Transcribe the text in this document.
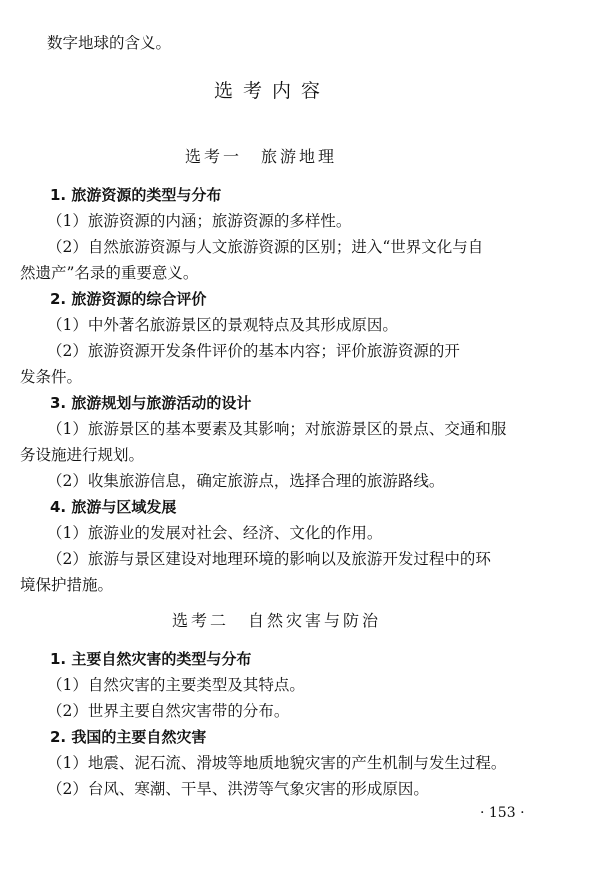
数字地球的含义。
选考内容
选考一　旅游地理
1. 旅游资源的类型与分布
（1）旅游资源的内涵；旅游资源的多样性。
（2）自然旅游资源与人文旅游资源的区别；进入“世界文化与自
然遗产”名录的重要意义。
2. 旅游资源的综合评价
（1）中外著名旅游景区的景观特点及其形成原因。
（2）旅游资源开发条件评价的基本内容；评价旅游资源的开
发条件。
3. 旅游规划与旅游活动的设计
（1）旅游景区的基本要素及其影响；对旅游景区的景点、交通和服
务设施进行规划。
（2）收集旅游信息，确定旅游点，选择合理的旅游路线。
4. 旅游与区域发展
（1）旅游业的发展对社会、经济、文化的作用。
（2）旅游与景区建设对地理环境的影响以及旅游开发过程中的环
境保护措施。
选考二　自然灾害与防治
1. 主要自然灾害的类型与分布
（1）自然灾害的主要类型及其特点。
（2）世界主要自然灾害带的分布。
2. 我国的主要自然灾害
（1）地震、泥石流、滑坡等地质地貌灾害的产生机制与发生过程。
（2）台风、寒潮、干旱、洪涝等气象灾害的形成原因。
· 153 ·
